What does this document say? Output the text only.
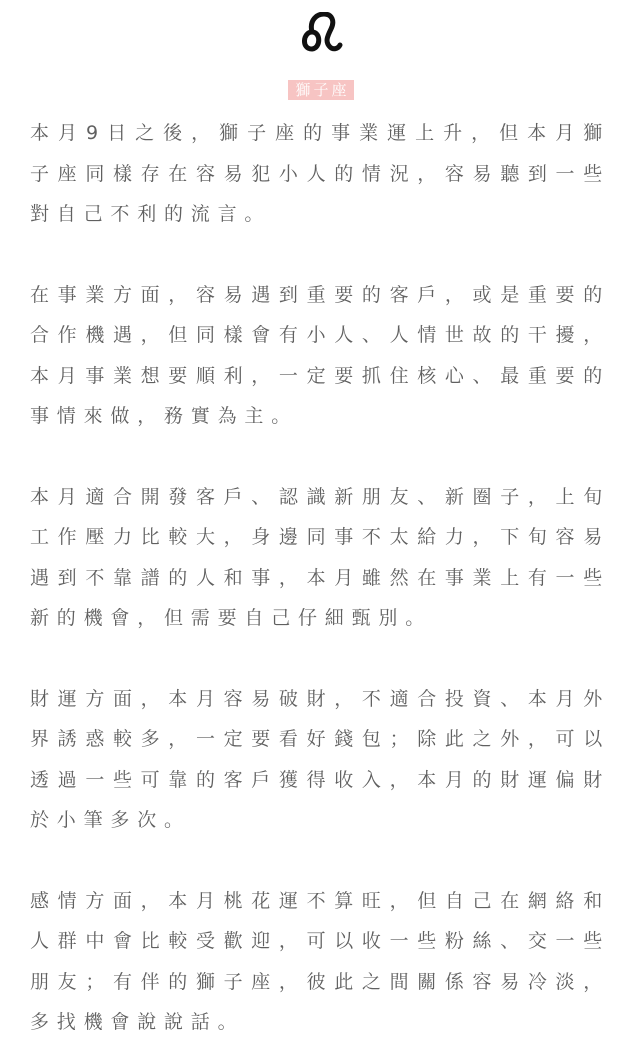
獅子座

本月9日之後，獅子座的事業運上升，但本月獅子座同樣存在容易犯小人的情況，容易聽到一些對自己不利的流言。

在事業方面，容易遇到重要的客戶，或是重要的合作機遇，但同樣會有小人、人情世故的干擾，本月事業想要順利，一定要抓住核心、最重要的事情來做，務實為主。

本月適合開發客戶、認識新朋友、新圈子，上旬工作壓力比較大，身邊同事不太給力，下旬容易遇到不靠譜的人和事，本月雖然在事業上有一些新的機會，但需要自己仔細甄別。

財運方面，本月容易破財，不適合投資、本月外界誘惑較多，一定要看好錢包；除此之外，可以透過一些可靠的客戶獲得收入，本月的財運偏財於小筆多次。

感情方面，本月桃花運不算旺，但自己在網絡和人群中會比較受歡迎，可以收一些粉絲、交一些朋友；有伴的獅子座，彼此之間關係容易冷淡，多找機會說說話。
